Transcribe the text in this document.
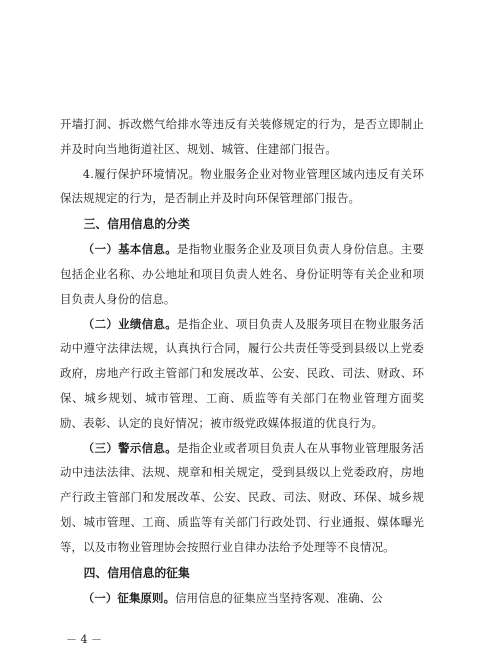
开墙打洞、拆改燃气给排水等违反有关装修规定的行为，是否立即制止并及时向当地街道社区、规划、城管、住建部门报告。

4.履行保护环境情况。物业服务企业对物业管理区域内违反有关环保法规规定的行为，是否制止并及时向环保管理部门报告。

三、信用信息的分类

（一）基本信息。是指物业服务企业及项目负责人身份信息。主要包括企业名称、办公地址和项目负责人姓名、身份证明等有关企业和项目负责人身份的信息。

（二）业绩信息。是指企业、项目负责人及服务项目在物业服务活动中遵守法律法规，认真执行合同，履行公共责任等受到县级以上党委政府，房地产行政主管部门和发展改革、公安、民政、司法、财政、环保、城乡规划、城市管理、工商、质监等有关部门在物业管理方面奖励、表彰、认定的良好情况；被市级党政媒体报道的优良行为。

（三）警示信息。是指企业或者项目负责人在从事物业管理服务活动中违法法律、法规、规章和相关规定，受到县级以上党委政府，房地产行政主管部门和发展改革、公安、民政、司法、财政、环保、城乡规划、城市管理、工商、质监等有关部门行政处罚、行业通报、媒体曝光等，以及市物业管理协会按照行业自律办法给予处理等不良情况。

四、信用信息的征集

（一）征集原则。信用信息的征集应当坚持客观、准确、公

－ 4 －
